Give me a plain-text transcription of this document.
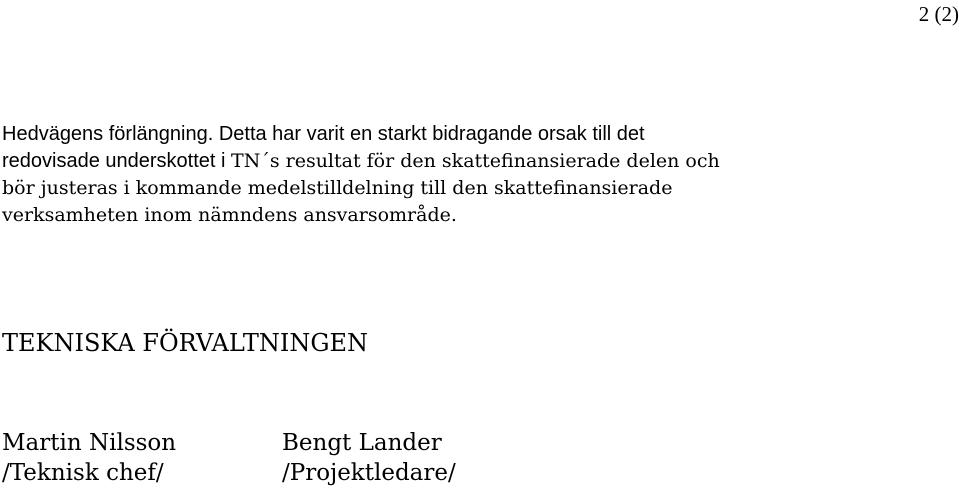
2 (2)
Hedvägens förlängning. Detta har varit en starkt bidragande orsak till det
redovisade underskottet i TN´s resultat för den skattefinansierade delen och
bör justeras i kommande medelstilldelning till den skattefinansierade
verksamheten inom nämndens ansvarsområde.
TEKNISKA FÖRVALTNINGEN
Martin Nilsson
/Teknisk chef/
Bengt Lander
/Projektledare/
